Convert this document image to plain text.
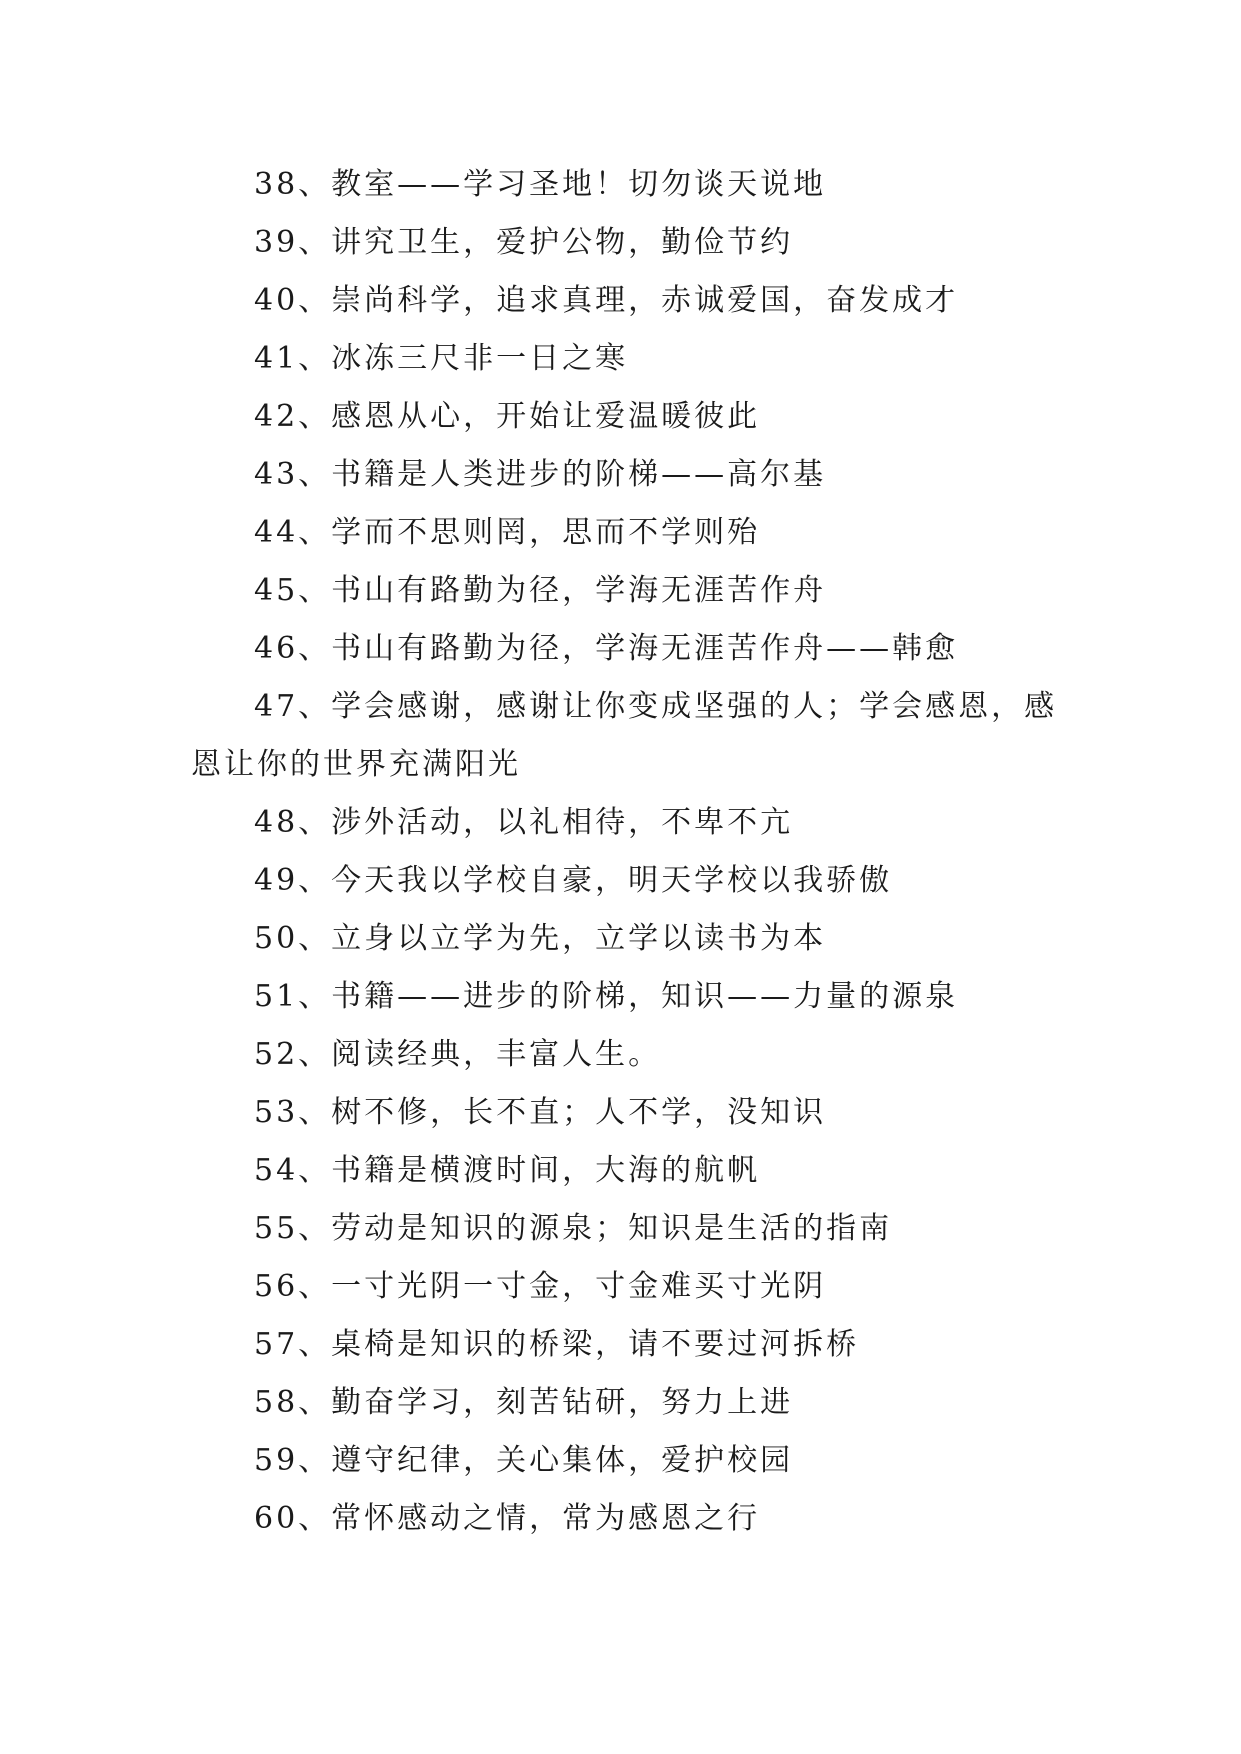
38、教室——学习圣地！切勿谈天说地
39、讲究卫生，爱护公物，勤俭节约
40、崇尚科学，追求真理，赤诚爱国，奋发成才
41、冰冻三尺非一日之寒
42、感恩从心，开始让爱温暖彼此
43、书籍是人类进步的阶梯——高尔基
44、学而不思则罔，思而不学则殆
45、书山有路勤为径，学海无涯苦作舟
46、书山有路勤为径，学海无涯苦作舟——韩愈
47、学会感谢，感谢让你变成坚强的人；学会感恩，感恩让你的世界充满阳光
48、涉外活动，以礼相待，不卑不亢
49、今天我以学校自豪，明天学校以我骄傲
50、立身以立学为先，立学以读书为本
51、书籍——进步的阶梯，知识——力量的源泉
52、阅读经典，丰富人生。
53、树不修，长不直；人不学，没知识
54、书籍是横渡时间，大海的航帆
55、劳动是知识的源泉；知识是生活的指南
56、一寸光阴一寸金，寸金难买寸光阴
57、桌椅是知识的桥梁，请不要过河拆桥
58、勤奋学习，刻苦钻研，努力上进
59、遵守纪律，关心集体，爱护校园
60、常怀感动之情，常为感恩之行
